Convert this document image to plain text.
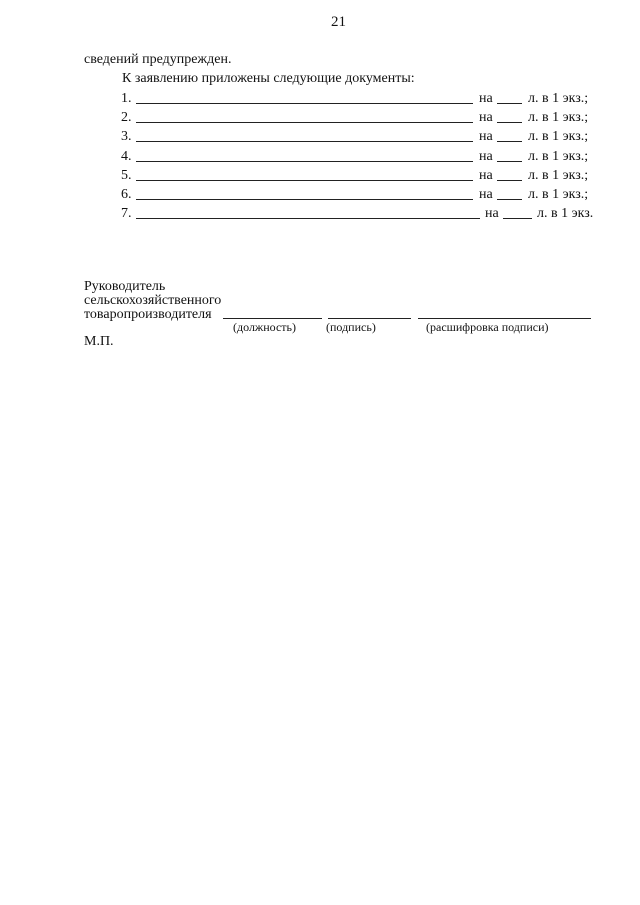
21
сведений предупрежден.
К заявлению приложены следующие документы:
1.	на	л. в 1 экз.;
2.	на	л. в 1 экз.;
3.	на	л. в 1 экз.;
4.	на	л. в 1 экз.;
5.	на	л. в 1 экз.;
6.	на	л. в 1 экз.;
7.	на	л. в 1 экз.
Руководитель
сельскохозяйственного
товаропроизводителя
(должность)	(подпись)	(расшифровка подписи)
М.П.
